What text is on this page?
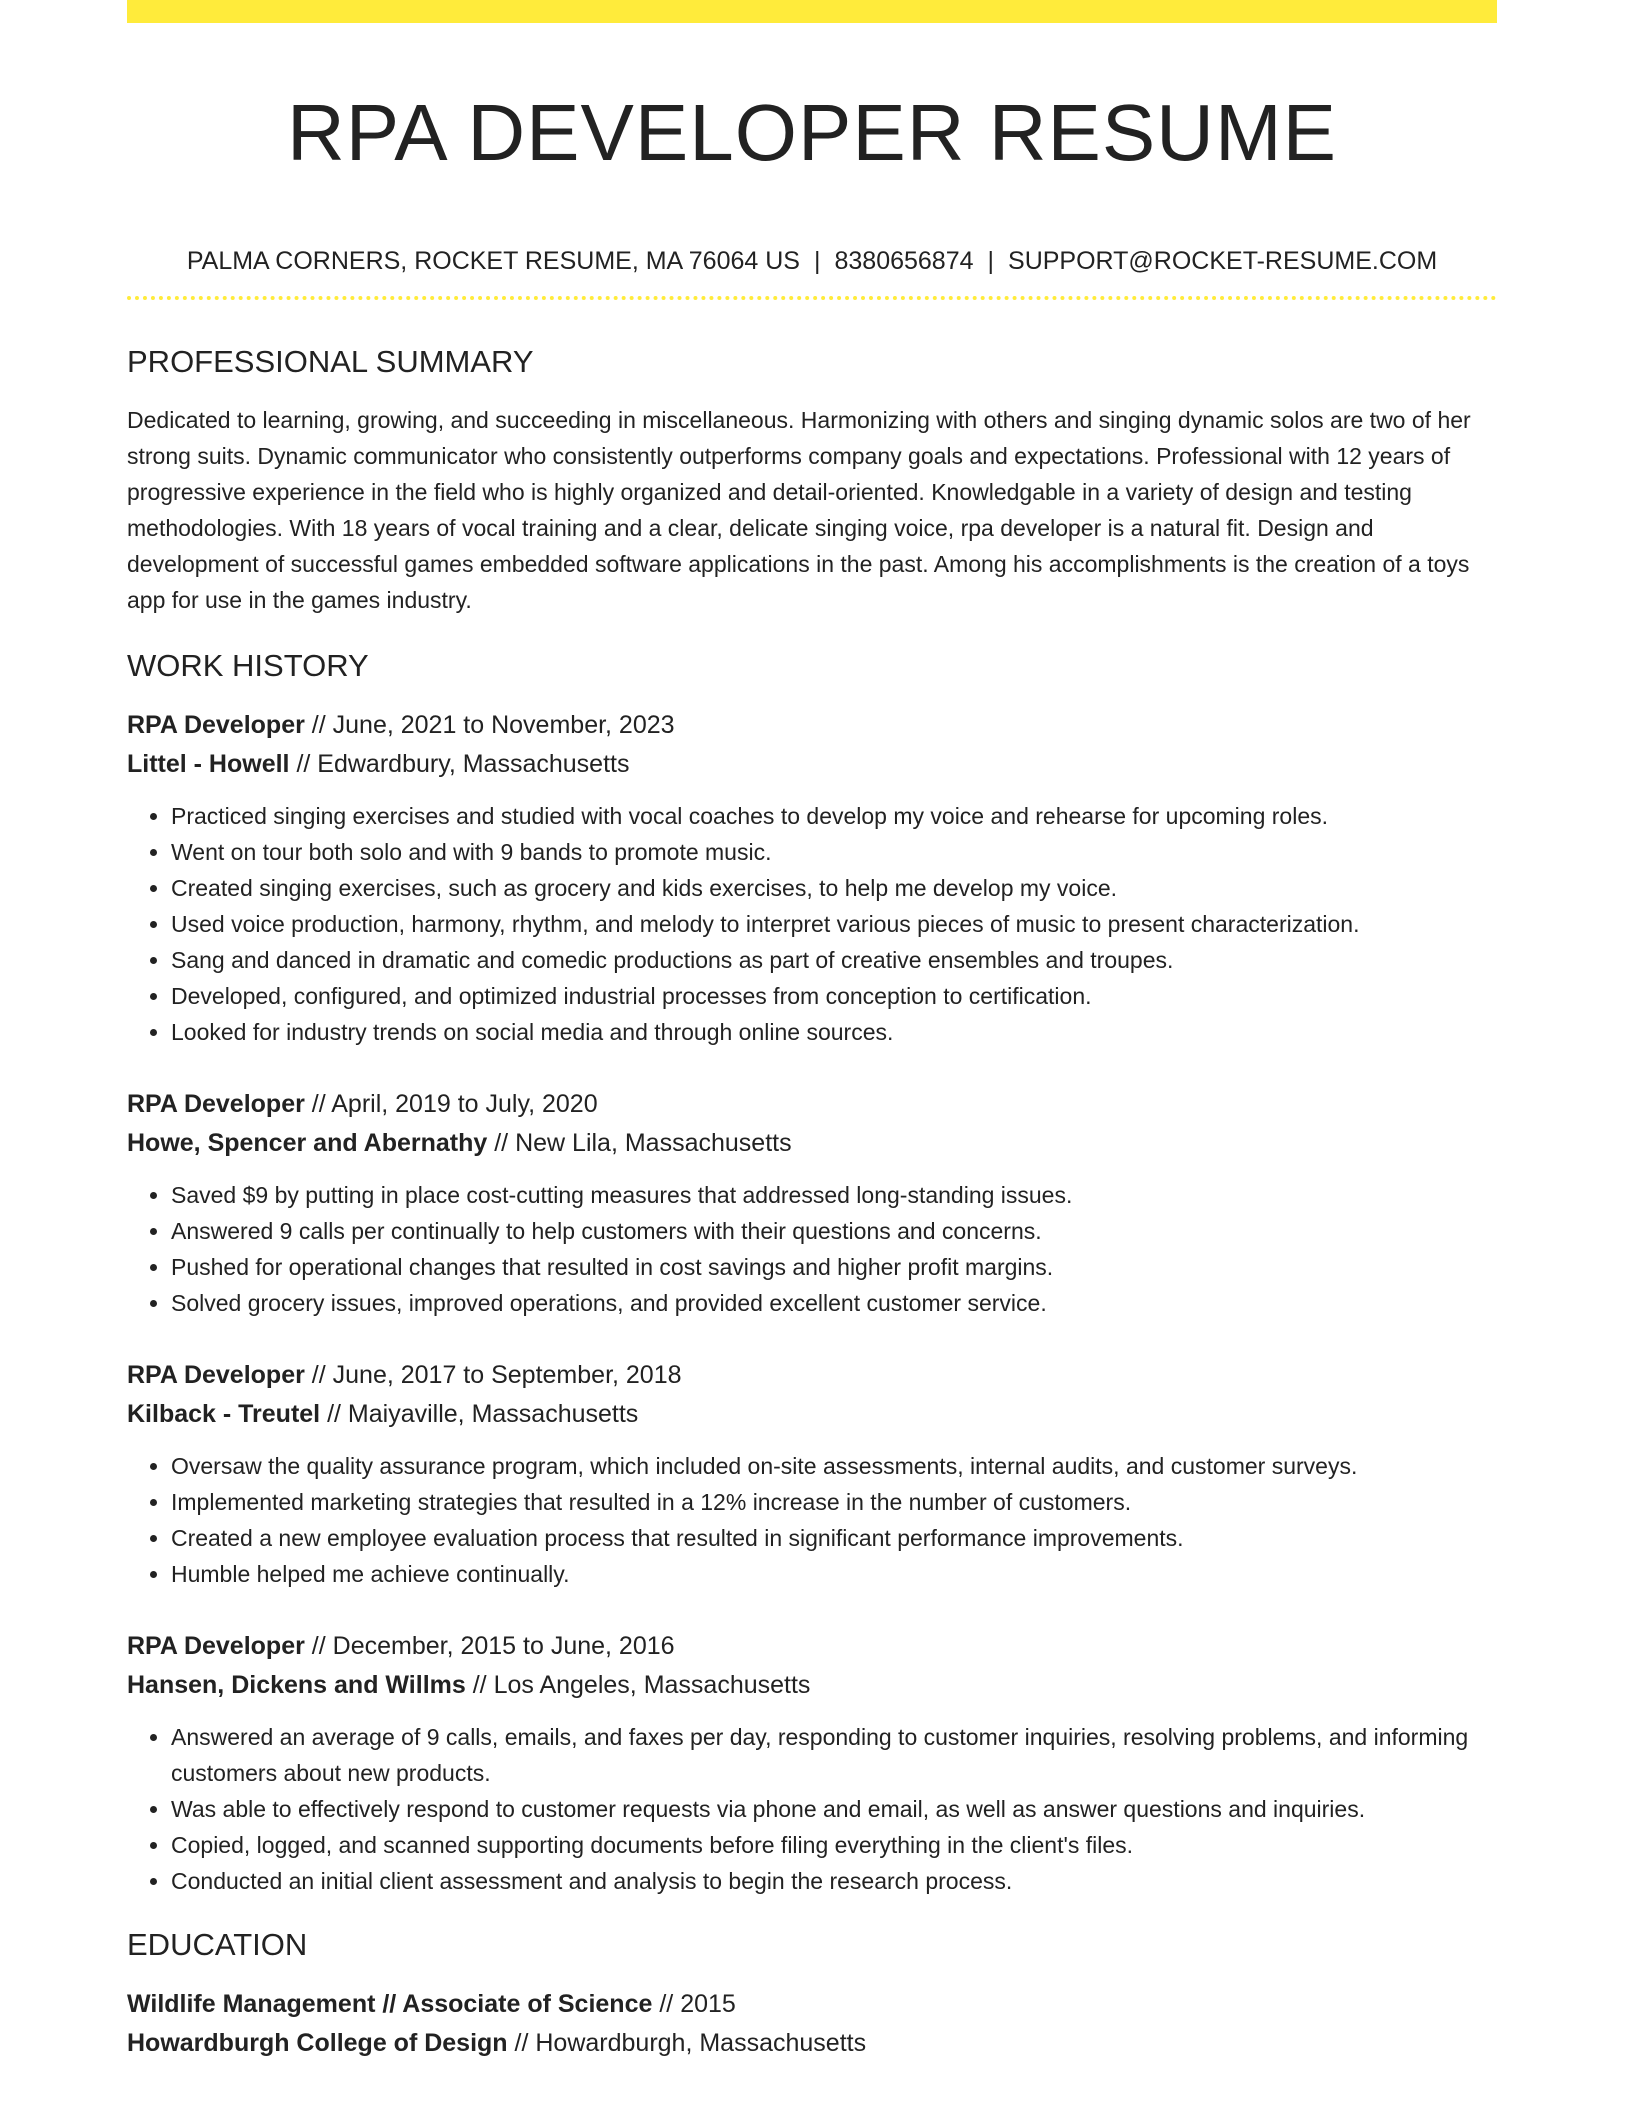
RPA DEVELOPER RESUME
PALMA CORNERS, ROCKET RESUME, MA 76064 US | 8380656874 | SUPPORT@ROCKET-RESUME.COM
PROFESSIONAL SUMMARY
Dedicated to learning, growing, and succeeding in miscellaneous. Harmonizing with others and singing dynamic solos are two of her strong suits. Dynamic communicator who consistently outperforms company goals and expectations. Professional with 12 years of progressive experience in the field who is highly organized and detail-oriented. Knowledgable in a variety of design and testing methodologies. With 18 years of vocal training and a clear, delicate singing voice, rpa developer is a natural fit. Design and development of successful games embedded software applications in the past. Among his accomplishments is the creation of a toys app for use in the games industry.
WORK HISTORY
RPA Developer // June, 2021 to November, 2023
Littel - Howell // Edwardbury, Massachusetts
• Practiced singing exercises and studied with vocal coaches to develop my voice and rehearse for upcoming roles.
• Went on tour both solo and with 9 bands to promote music.
• Created singing exercises, such as grocery and kids exercises, to help me develop my voice.
• Used voice production, harmony, rhythm, and melody to interpret various pieces of music to present characterization.
• Sang and danced in dramatic and comedic productions as part of creative ensembles and troupes.
• Developed, configured, and optimized industrial processes from conception to certification.
• Looked for industry trends on social media and through online sources.
RPA Developer // April, 2019 to July, 2020
Howe, Spencer and Abernathy // New Lila, Massachusetts
• Saved $9 by putting in place cost-cutting measures that addressed long-standing issues.
• Answered 9 calls per continually to help customers with their questions and concerns.
• Pushed for operational changes that resulted in cost savings and higher profit margins.
• Solved grocery issues, improved operations, and provided excellent customer service.
RPA Developer // June, 2017 to September, 2018
Kilback - Treutel // Maiyaville, Massachusetts
• Oversaw the quality assurance program, which included on-site assessments, internal audits, and customer surveys.
• Implemented marketing strategies that resulted in a 12% increase in the number of customers.
• Created a new employee evaluation process that resulted in significant performance improvements.
• Humble helped me achieve continually.
RPA Developer // December, 2015 to June, 2016
Hansen, Dickens and Willms // Los Angeles, Massachusetts
• Answered an average of 9 calls, emails, and faxes per day, responding to customer inquiries, resolving problems, and informing customers about new products.
• Was able to effectively respond to customer requests via phone and email, as well as answer questions and inquiries.
• Copied, logged, and scanned supporting documents before filing everything in the client's files.
• Conducted an initial client assessment and analysis to begin the research process.
EDUCATION
Wildlife Management // Associate of Science // 2015
Howardburgh College of Design // Howardburgh, Massachusetts
